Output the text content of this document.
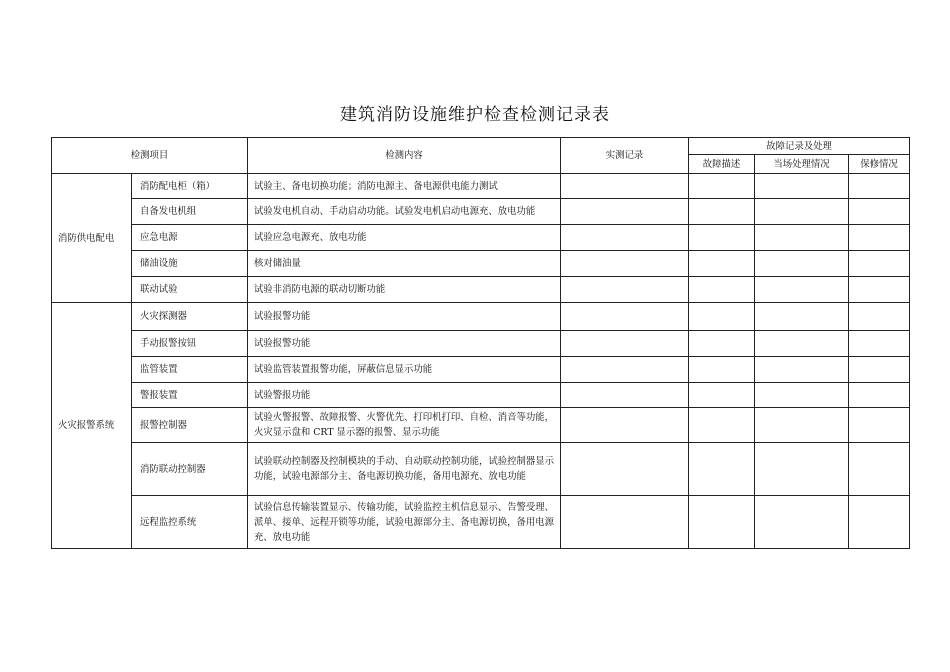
建筑消防设施维护检查检测记录表
检测项目		检测内容	实测记录	故障记录及处理		
				故障描述	当场处理情况	保修情况
消防供电配电	消防配电柜（箱）	试验主、备电切换功能；消防电源主、备电源供电能力测试				
	自备发电机组	试验发电机自动、手动启动功能。试验发电机启动电源充、放电功能				
	应急电源	试验应急电源充、放电功能				
	储油设施	核对储油量				
	联动试验	试验非消防电源的联动切断功能				
火灾报警系统	火灾探测器	试验报警功能				
	手动报警按钮	试验报警功能				
	监管装置	试验监管装置报警功能，屏蔽信息显示功能				
	警报装置	试验警报功能				
	报警控制器	试验火警报警、故障报警、火警优先、打印机打印、自检、消音等功能，火灾显示盘和 CRT 显示器的报警、显示功能				
	消防联动控制器	试验联动控制器及控制模块的手动、自动联动控制功能，试验控制器显示功能，试验电源部分主、备电源切换功能，备用电源充、放电功能				
	远程监控系统	试验信息传输装置显示、传输功能，试验监控主机信息显示、告警受理、派单、接单、远程开锁等功能，试验电源部分主、备电源切换，备用电源充、放电功能				
